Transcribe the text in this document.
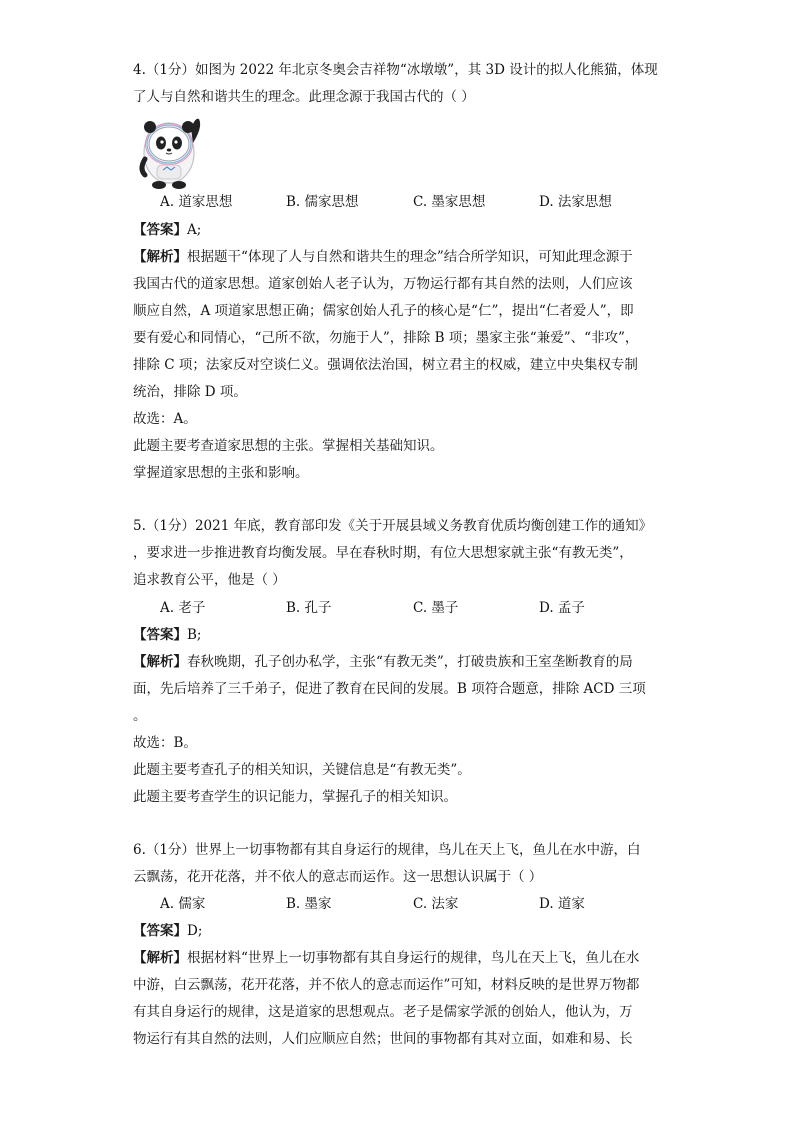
4.（1分）如图为 2022 年北京冬奥会吉祥物“冰墩墩”，其 3D 设计的拟人化熊猫，体现
了人与自然和谐共生的理念。此理念源于我国古代的（ ）
A. 道家思想	B. 儒家思想	C. 墨家思想	D. 法家思想
【答案】A;
【解析】根据题干“体现了人与自然和谐共生的理念”结合所学知识，可知此理念源于
我国古代的道家思想。道家创始人老子认为，万物运行都有其自然的法则，人们应该
顺应自然，A 项道家思想正确；儒家创始人孔子的核心是“仁”，提出“仁者爱人”，即
要有爱心和同情心，“己所不欲，勿施于人”，排除 B 项；墨家主张“兼爱”、“非攻”，
排除 C 项；法家反对空谈仁义。强调依法治国，树立君主的权威，建立中央集权专制
统治，排除 D 项。
故选：A。
此题主要考查道家思想的主张。掌握相关基础知识。
掌握道家思想的主张和影响。
5.（1分）2021 年底，教育部印发《关于开展县域义务教育优质均衡创建工作的通知》
，要求进一步推进教育均衡发展。早在春秋时期，有位大思想家就主张“有教无类”，
追求教育公平，他是（ ）
A. 老子	B. 孔子	C. 墨子	D. 孟子
【答案】B;
【解析】春秋晚期，孔子创办私学，主张“有教无类”，打破贵族和王室垄断教育的局
面，先后培养了三千弟子，促进了教育在民间的发展。B 项符合题意，排除 ACD 三项
。
故选：B。
此题主要考查孔子的相关知识，关键信息是“有教无类”。
此题主要考查学生的识记能力，掌握孔子的相关知识。
6.（1分）世界上一切事物都有其自身运行的规律，鸟儿在天上飞，鱼儿在水中游，白
云飘荡，花开花落，并不依人的意志而运作。这一思想认识属于（ ）
A. 儒家	B. 墨家	C. 法家	D. 道家
【答案】D;
【解析】根据材料“世界上一切事物都有其自身运行的规律，鸟儿在天上飞，鱼儿在水
中游，白云飘荡，花开花落，并不依人的意志而运作”可知，材料反映的是世界万物都
有其自身运行的规律，这是道家的思想观点。老子是儒家学派的创始人，他认为，万
物运行有其自然的法则，人们应顺应自然；世间的事物都有其对立面，如难和易、长
